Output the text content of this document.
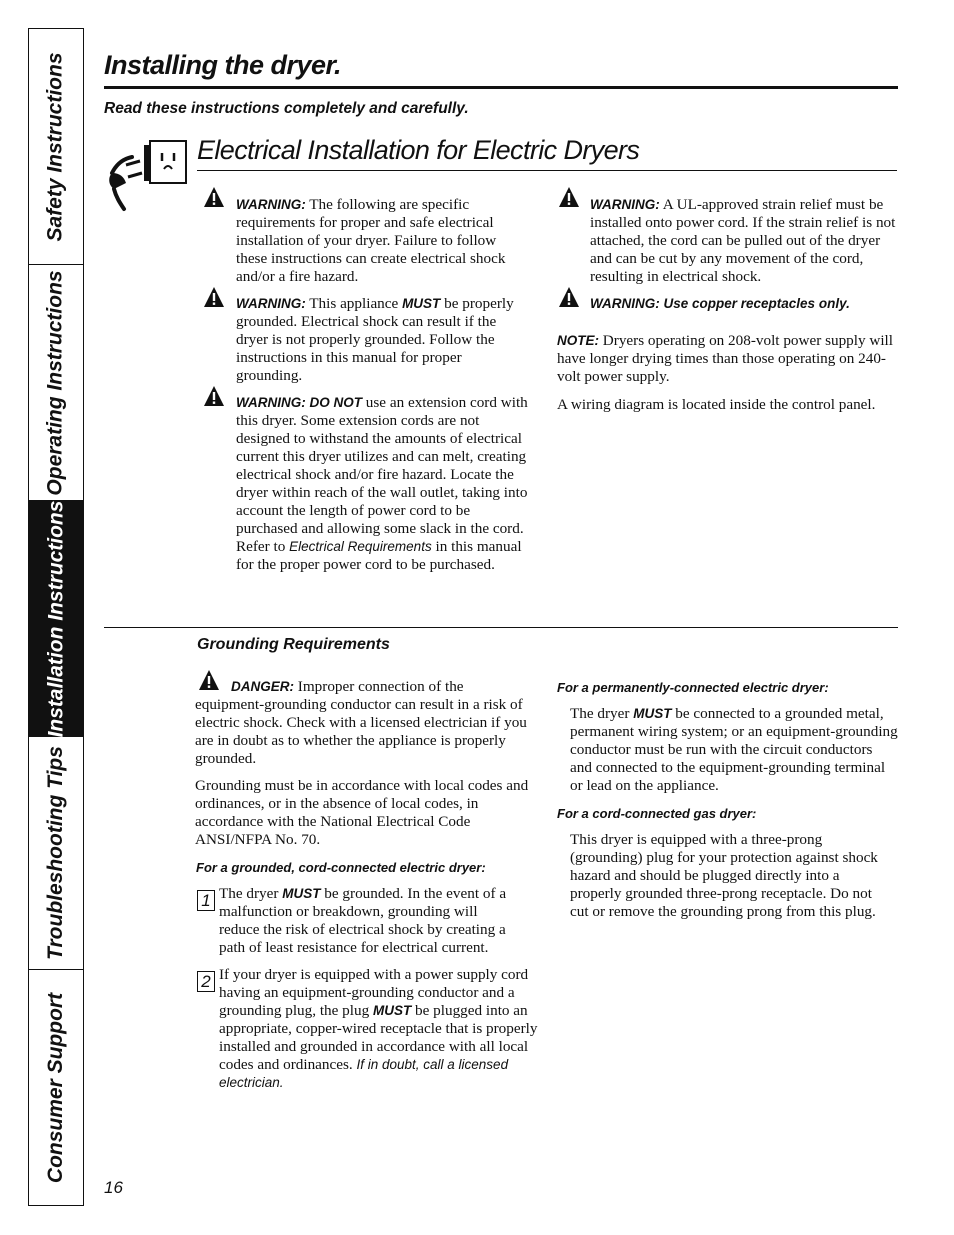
Safety Instructions
Operating Instructions
Installation Instructions
Troubleshooting Tips
Consumer Support
Installing the dryer.
Read these instructions completely and carefully.
Electrical Installation for Electric Dryers

WARNING: The following are specific requirements for proper and safe electrical installation of your dryer. Failure to follow these instructions can create electrical shock and/or a fire hazard.

WARNING: This appliance MUST be properly grounded. Electrical shock can result if the dryer is not properly grounded. Follow the instructions in this manual for proper grounding.

WARNING: DO NOT use an extension cord with this dryer. Some extension cords are not designed to withstand the amounts of electrical current this dryer utilizes and can melt, creating electrical shock and/or fire hazard. Locate the dryer within reach of the wall outlet, taking into account the length of power cord to be purchased and allowing some slack in the cord. Refer to Electrical Requirements in this manual for the proper power cord to be purchased.

WARNING: A UL-approved strain relief must be installed onto power cord. If the strain relief is not attached, the cord can be pulled out of the dryer and can be cut by any movement of the cord, resulting in electrical shock.

WARNING: Use copper receptacles only.

NOTE: Dryers operating on 208-volt power supply will have longer drying times than those operating on 240-volt power supply.

A wiring diagram is located inside the control panel.

Grounding Requirements

DANGER: Improper connection of the equipment-grounding conductor can result in a risk of electric shock. Check with a licensed electrician if you are in doubt as to whether the appliance is properly grounded.

Grounding must be in accordance with local codes and ordinances, or in the absence of local codes, in accordance with the National Electrical Code ANSI/NFPA No. 70.

For a grounded, cord-connected electric dryer:
1 The dryer MUST be grounded. In the event of a malfunction or breakdown, grounding will reduce the risk of electrical shock by creating a path of least resistance for electrical current.

2 If your dryer is equipped with a power supply cord having an equipment-grounding conductor and a grounding plug, the plug MUST be plugged into an appropriate, copper-wired receptacle that is properly installed and grounded in accordance with all local codes and ordinances. If in doubt, call a licensed electrician.

For a permanently-connected electric dryer:

The dryer MUST be connected to a grounded metal, permanent wiring system; or an equipment-grounding conductor must be run with the circuit conductors and connected to the equipment-grounding terminal or lead on the appliance.

For a cord-connected gas dryer:

This dryer is equipped with a three-prong (grounding) plug for your protection against shock hazard and should be plugged directly into a properly grounded three-prong receptacle. Do not cut or remove the grounding prong from this plug.

16
